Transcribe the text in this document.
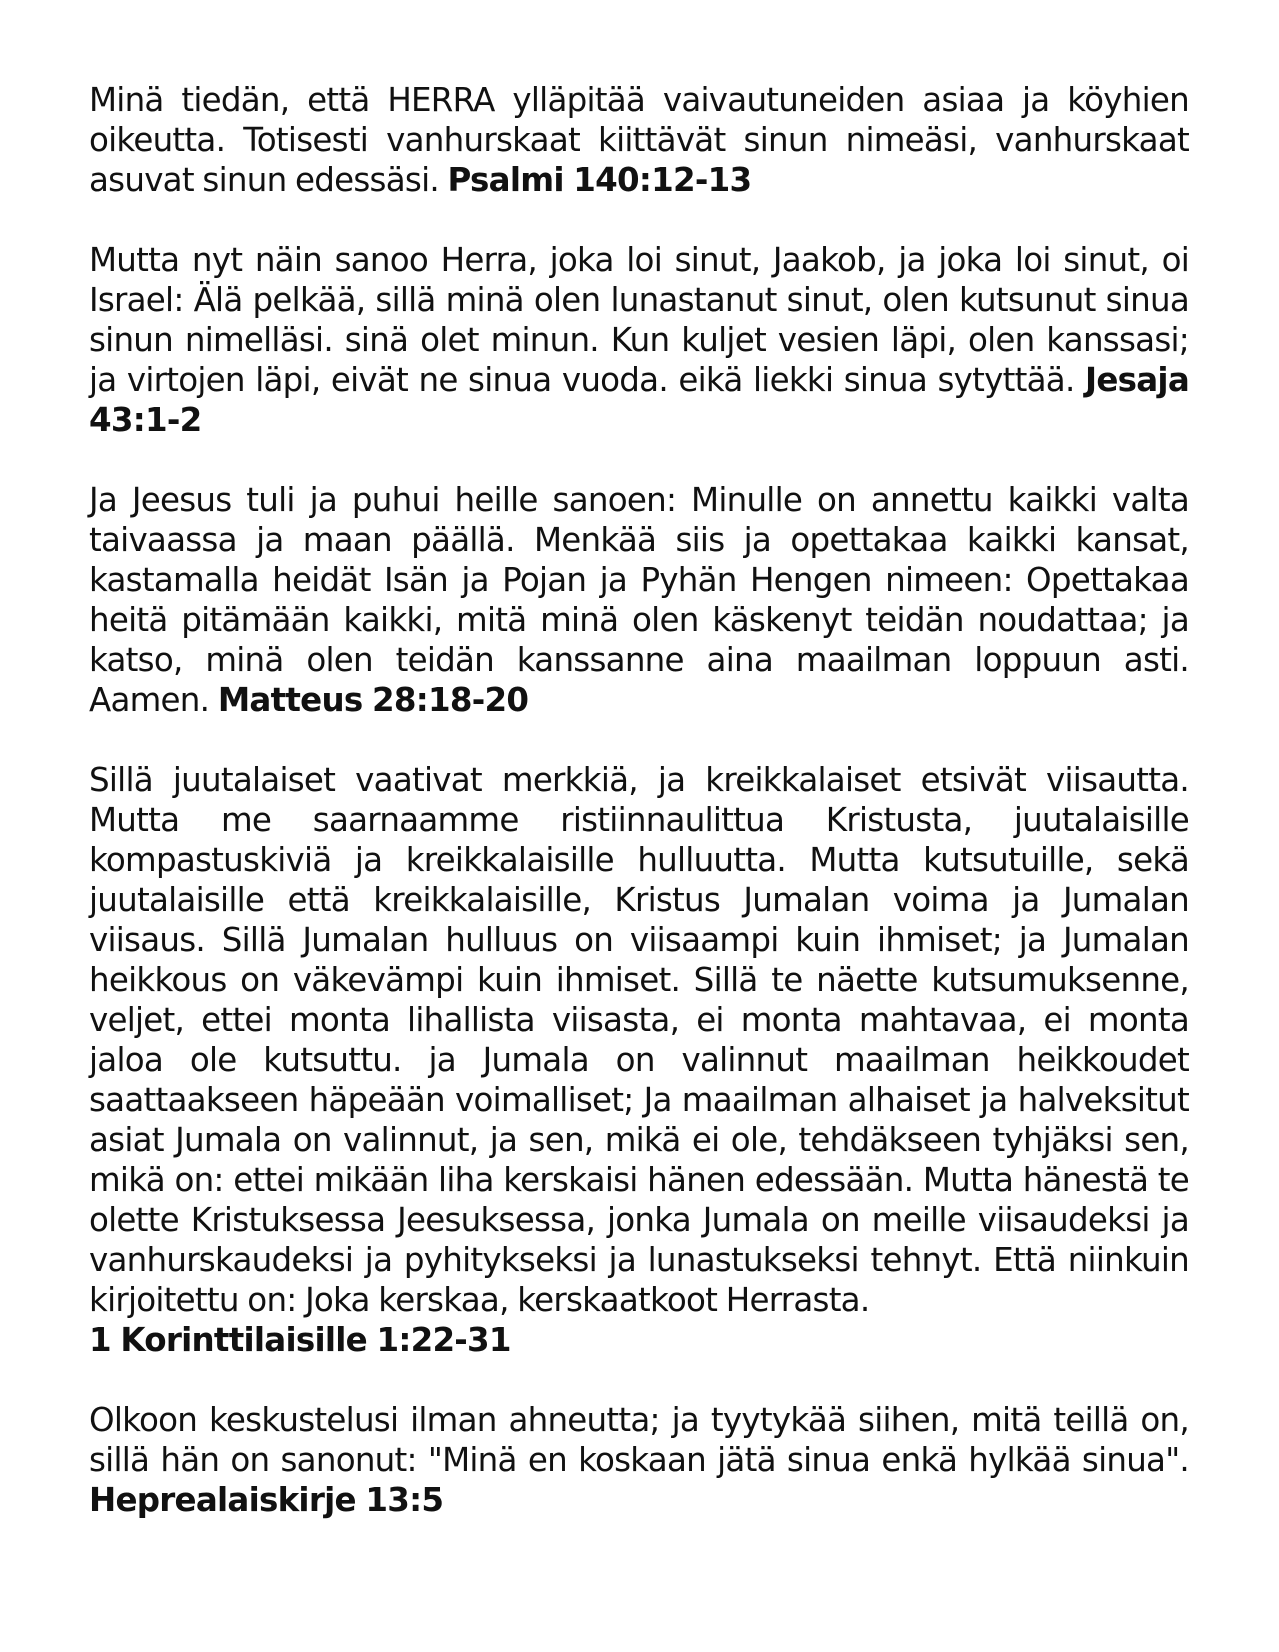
Minä tiedän, että HERRA ylläpitää vaivautuneiden asiaa ja köyhien oikeutta. Totisesti vanhurskaat kiittävät sinun nimeäsi, vanhurskaat asuvat sinun edessäsi. Psalmi 140:12-13

Mutta nyt näin sanoo Herra, joka loi sinut, Jaakob, ja joka loi sinut, oi Israel: Älä pelkää, sillä minä olen lunastanut sinut, olen kutsunut sinua sinun nimelläsi. sinä olet minun. Kun kuljet vesien läpi, olen kanssasi; ja virtojen läpi, eivät ne sinua vuoda. eikä liekki sinua sytyttää. Jesaja 43:1-2

Ja Jeesus tuli ja puhui heille sanoen: Minulle on annettu kaikki valta taivaassa ja maan päällä. Menkää siis ja opettakaa kaikki kansat, kastamalla heidät Isän ja Pojan ja Pyhän Hengen nimeen: Opettakaa heitä pitämään kaikki, mitä minä olen käskenyt teidän noudattaa; ja katso, minä olen teidän kanssanne aina maailman loppuun asti. Aamen. Matteus 28:18-20

Sillä juutalaiset vaativat merkkiä, ja kreikkalaiset etsivät viisautta. Mutta me saarnaamme ristiinnaulittua Kristusta, juutalaisille kompastuskiviä ja kreikkalaisille hulluutta. Mutta kutsutuille, sekä juutalaisille että kreikkalaisille, Kristus Jumalan voima ja Jumalan viisaus. Sillä Jumalan hulluus on viisaampi kuin ihmiset; ja Jumalan heikkous on väkevämpi kuin ihmiset. Sillä te näette kutsumuksenne, veljet, ettei monta lihallista viisasta, ei monta mahtavaa, ei monta jaloa ole kutsuttu. ja Jumala on valinnut maailman heikkoudet saattaakseen häpeään voimalliset; Ja maailman alhaiset ja halveksitut asiat Jumala on valinnut, ja sen, mikä ei ole, tehdäkseen tyhjäksi sen, mikä on: ettei mikään liha kerskaisi hänen edessään. Mutta hänestä te olette Kristuksessa Jeesuksessa, jonka Jumala on meille viisaudeksi ja vanhurskaudeksi ja pyhitykseksi ja lunastukseksi tehnyt. Että niinkuin kirjoitettu on: Joka kerskaa, kerskaatkoot Herrasta.
1 Korinttilaisille 1:22-31

Olkoon keskustelusi ilman ahneutta; ja tyytykää siihen, mitä teillä on, sillä hän on sanonut: "Minä en koskaan jätä sinua enkä hylkää sinua". Heprealaiskirje 13:5
